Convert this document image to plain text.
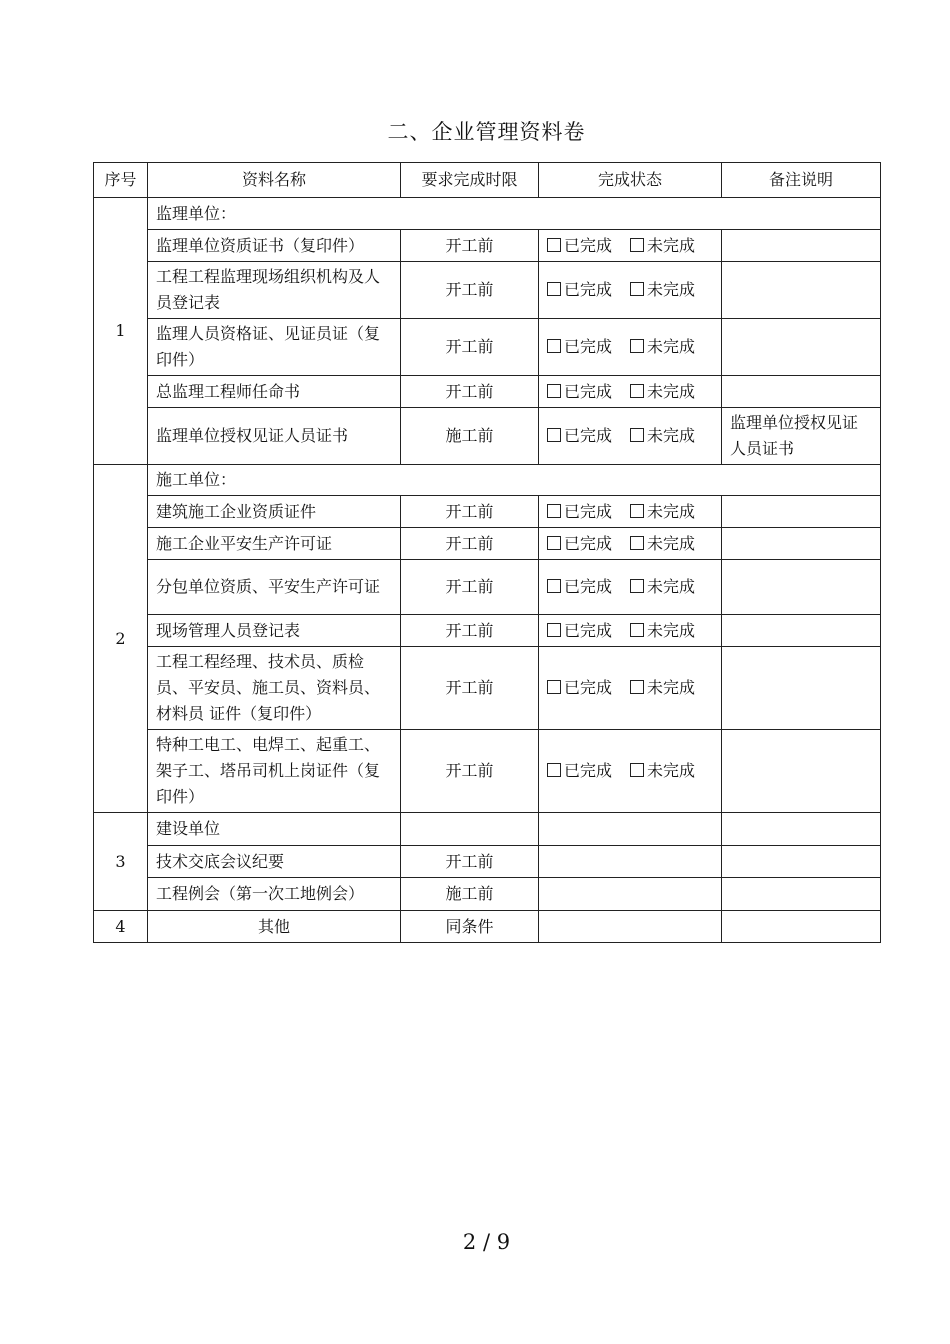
二、企业管理资料卷
序号	资料名称	要求完成时限	完成状态	备注说明
1	监理单位：			
	监理单位资质证书（复印件）	开工前	已完成 未完成	
	工程工程监理现场组织机构及人员登记表	开工前	已完成 未完成	
	监理人员资格证、见证员证（复印件）	开工前	已完成 未完成	
	总监理工程师任命书	开工前	已完成 未完成	
	监理单位授权见证人员证书	施工前	已完成 未完成	监理单位授权见证人员证书
2	施工单位：			
	建筑施工企业资质证件	开工前	已完成 未完成	
	施工企业平安生产许可证	开工前	已完成 未完成	
	分包单位资质、平安生产许可证	开工前	已完成 未完成	
	现场管理人员登记表	开工前	已完成 未完成	
	工程工程经理、技术员、质检员、平安员、施工员、资料员、材料员 证件（复印件）	开工前	已完成 未完成	
	特种工电工、电焊工、起重工、架子工、塔吊司机上岗证件（复印件）	开工前	已完成 未完成	
3	建设单位			
	技术交底会议纪要	开工前		
	工程例会（第一次工地例会）	施工前		
4	其他	同条件		
2 / 9
